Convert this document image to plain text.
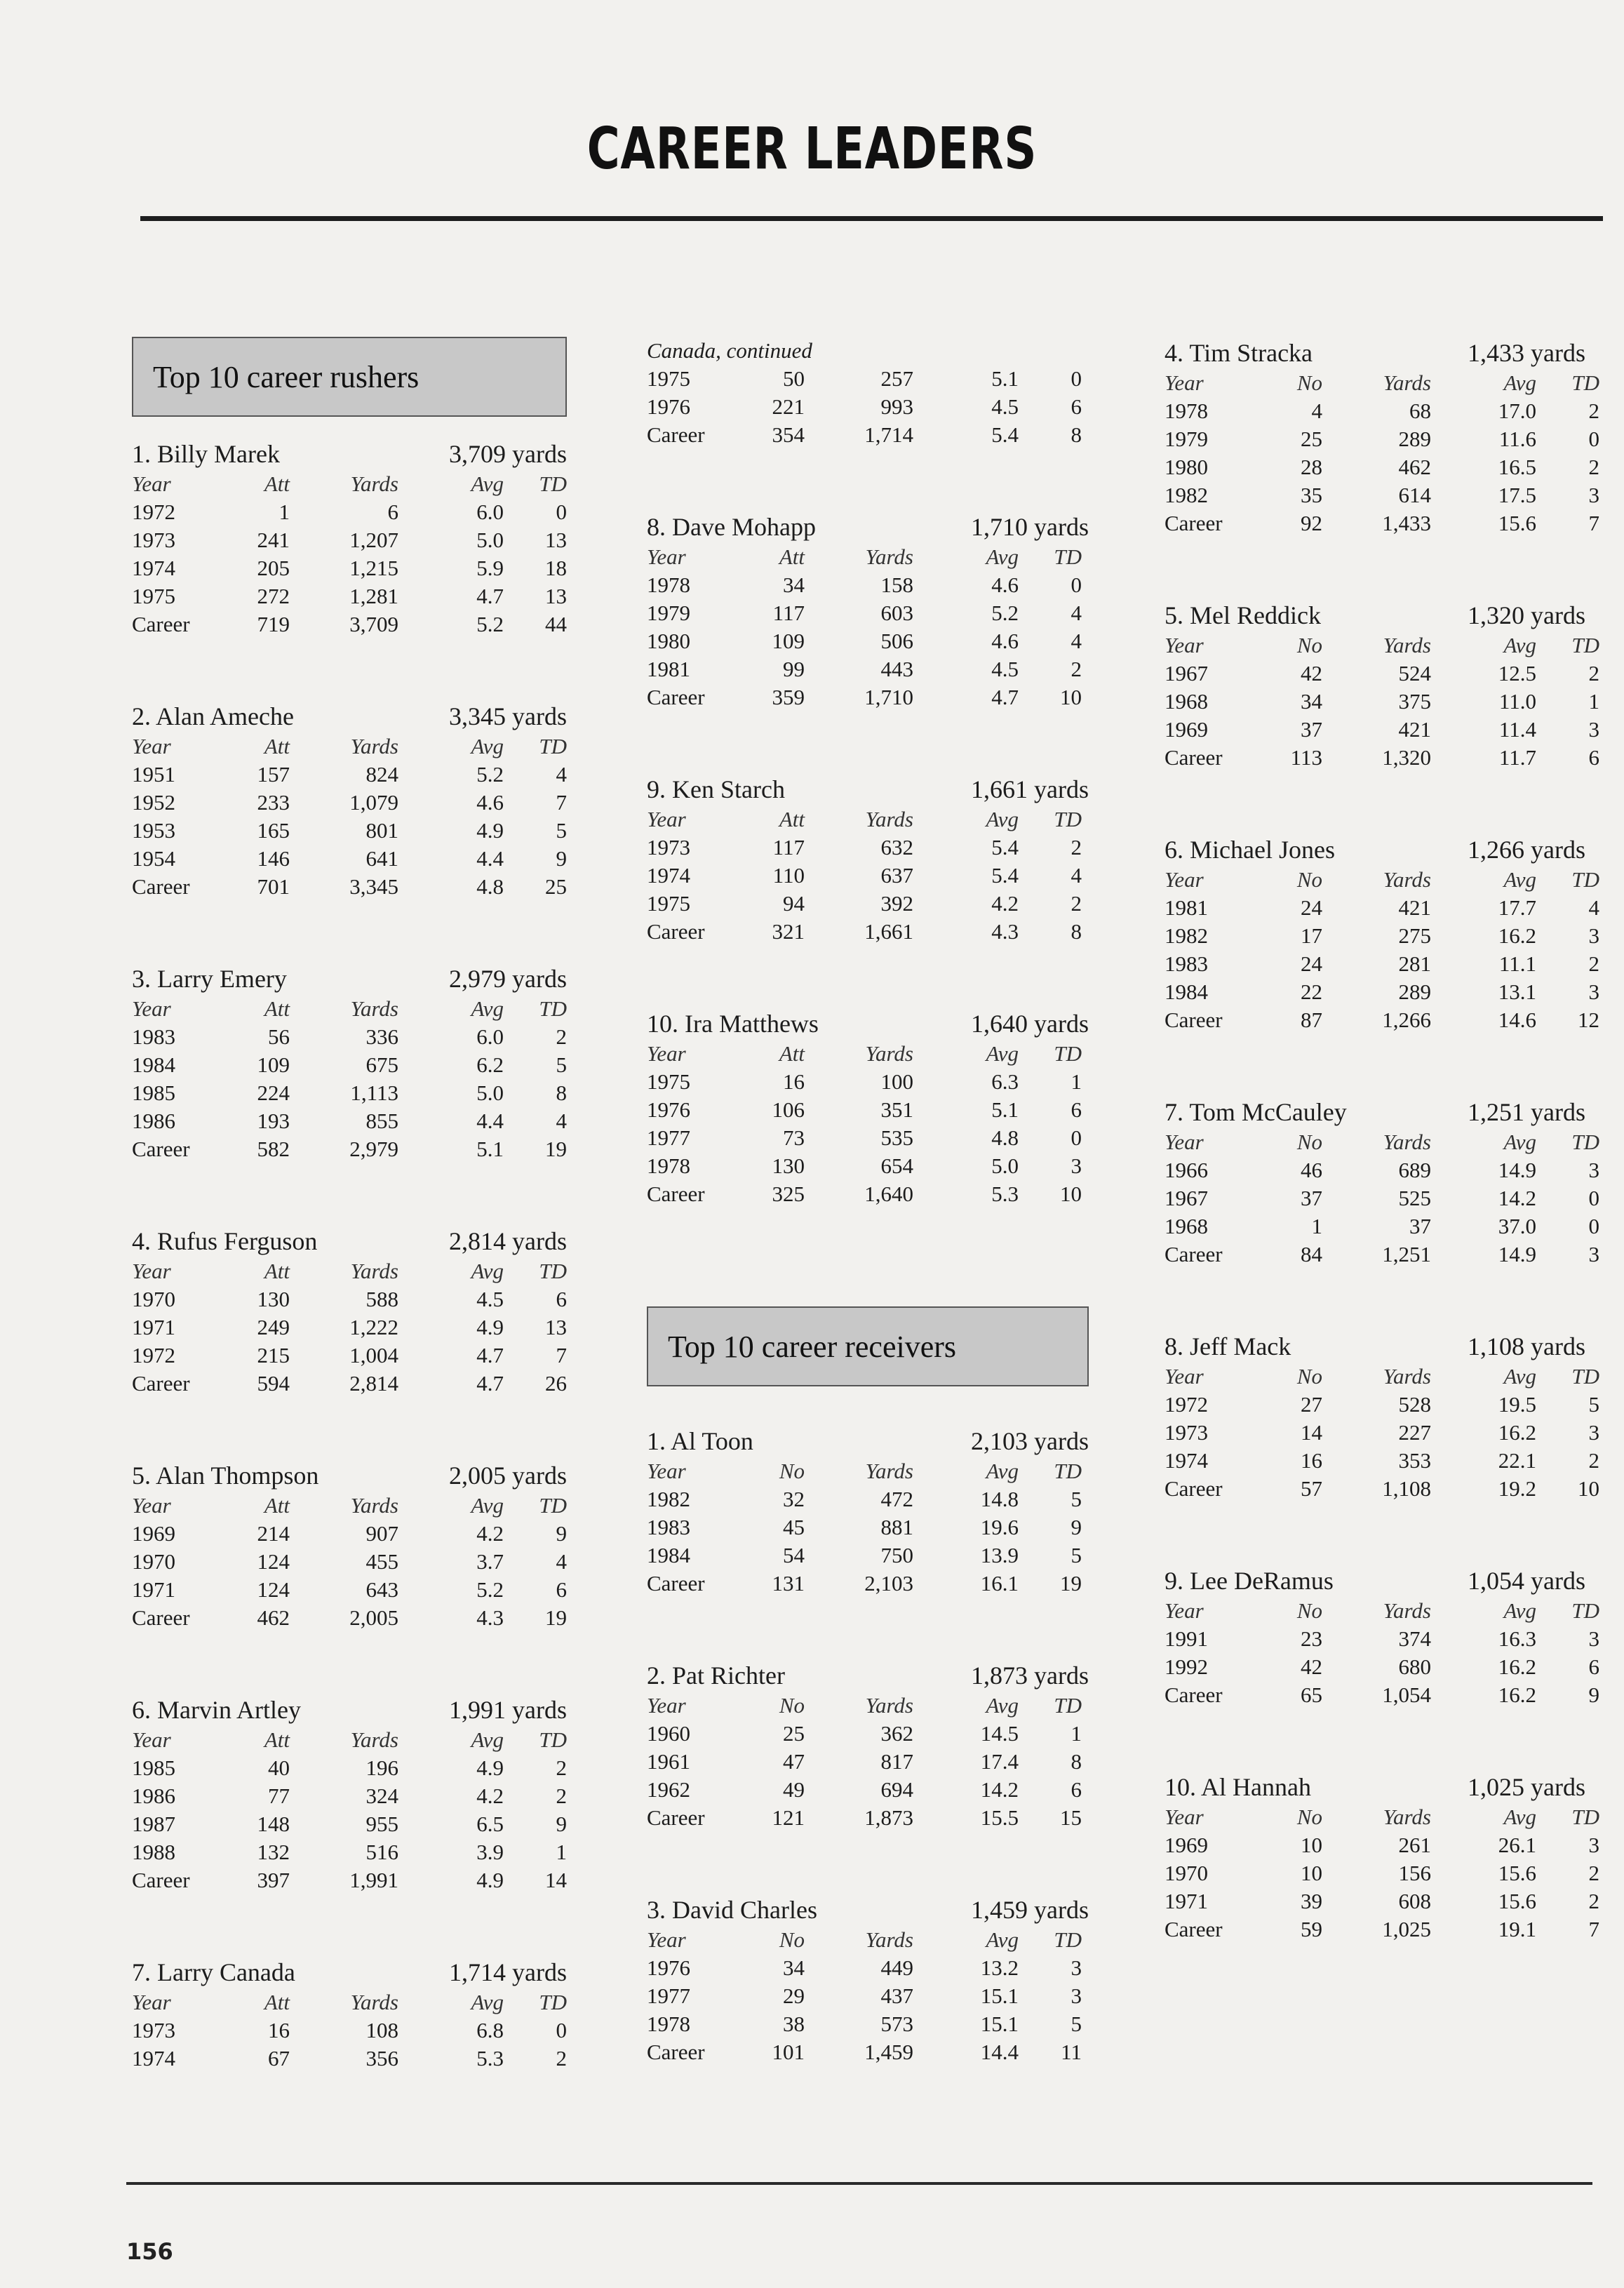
CAREER LEADERS
Top 10 career rushers
1. Billy Marek	3,709 yards
Year	Att	Yards	Avg	TD
1972	1	6	6.0	0
1973	241	1,207	5.0	13
1974	205	1,215	5.9	18
1975	272	1,281	4.7	13
Career	719	3,709	5.2	44
2. Alan Ameche	3,345 yards
Year	Att	Yards	Avg	TD
1951	157	824	5.2	4
1952	233	1,079	4.6	7
1953	165	801	4.9	5
1954	146	641	4.4	9
Career	701	3,345	4.8	25
3. Larry Emery	2,979 yards
Year	Att	Yards	Avg	TD
1983	56	336	6.0	2
1984	109	675	6.2	5
1985	224	1,113	5.0	8
1986	193	855	4.4	4
Career	582	2,979	5.1	19
4. Rufus Ferguson	2,814 yards
Year	Att	Yards	Avg	TD
1970	130	588	4.5	6
1971	249	1,222	4.9	13
1972	215	1,004	4.7	7
Career	594	2,814	4.7	26
5. Alan Thompson	2,005 yards
Year	Att	Yards	Avg	TD
1969	214	907	4.2	9
1970	124	455	3.7	4
1971	124	643	5.2	6
Career	462	2,005	4.3	19
6. Marvin Artley	1,991 yards
Year	Att	Yards	Avg	TD
1985	40	196	4.9	2
1986	77	324	4.2	2
1987	148	955	6.5	9
1988	132	516	3.9	1
Career	397	1,991	4.9	14
7. Larry Canada	1,714 yards
Year	Att	Yards	Avg	TD
1973	16	108	6.8	0
1974	67	356	5.3	2
Canada, continued
1975	50	257	5.1	0
1976	221	993	4.5	6
Career	354	1,714	5.4	8
8. Dave Mohapp	1,710 yards
Year	Att	Yards	Avg	TD
1978	34	158	4.6	0
1979	117	603	5.2	4
1980	109	506	4.6	4
1981	99	443	4.5	2
Career	359	1,710	4.7	10
9. Ken Starch	1,661 yards
Year	Att	Yards	Avg	TD
1973	117	632	5.4	2
1974	110	637	5.4	4
1975	94	392	4.2	2
Career	321	1,661	4.3	8
10. Ira Matthews	1,640 yards
Year	Att	Yards	Avg	TD
1975	16	100	6.3	1
1976	106	351	5.1	6
1977	73	535	4.8	0
1978	130	654	5.0	3
Career	325	1,640	5.3	10
Top 10 career receivers
1. Al Toon	2,103 yards
Year	No	Yards	Avg	TD
1982	32	472	14.8	5
1983	45	881	19.6	9
1984	54	750	13.9	5
Career	131	2,103	16.1	19
2. Pat Richter	1,873 yards
Year	No	Yards	Avg	TD
1960	25	362	14.5	1
1961	47	817	17.4	8
1962	49	694	14.2	6
Career	121	1,873	15.5	15
3. David Charles	1,459 yards
Year	No	Yards	Avg	TD
1976	34	449	13.2	3
1977	29	437	15.1	3
1978	38	573	15.1	5
Career	101	1,459	14.4	11
4. Tim Stracka	1,433 yards
Year	No	Yards	Avg	TD
1978	4	68	17.0	2
1979	25	289	11.6	0
1980	28	462	16.5	2
1982	35	614	17.5	3
Career	92	1,433	15.6	7
5. Mel Reddick	1,320 yards
Year	No	Yards	Avg	TD
1967	42	524	12.5	2
1968	34	375	11.0	1
1969	37	421	11.4	3
Career	113	1,320	11.7	6
6. Michael Jones	1,266 yards
Year	No	Yards	Avg	TD
1981	24	421	17.7	4
1982	17	275	16.2	3
1983	24	281	11.1	2
1984	22	289	13.1	3
Career	87	1,266	14.6	12
7. Tom McCauley	1,251 yards
Year	No	Yards	Avg	TD
1966	46	689	14.9	3
1967	37	525	14.2	0
1968	1	37	37.0	0
Career	84	1,251	14.9	3
8. Jeff Mack	1,108 yards
Year	No	Yards	Avg	TD
1972	27	528	19.5	5
1973	14	227	16.2	3
1974	16	353	22.1	2
Career	57	1,108	19.2	10
9. Lee DeRamus	1,054 yards
Year	No	Yards	Avg	TD
1991	23	374	16.3	3
1992	42	680	16.2	6
Career	65	1,054	16.2	9
10. Al Hannah	1,025 yards
Year	No	Yards	Avg	TD
1969	10	261	26.1	3
1970	10	156	15.6	2
1971	39	608	15.6	2
Career	59	1,025	19.1	7
156
